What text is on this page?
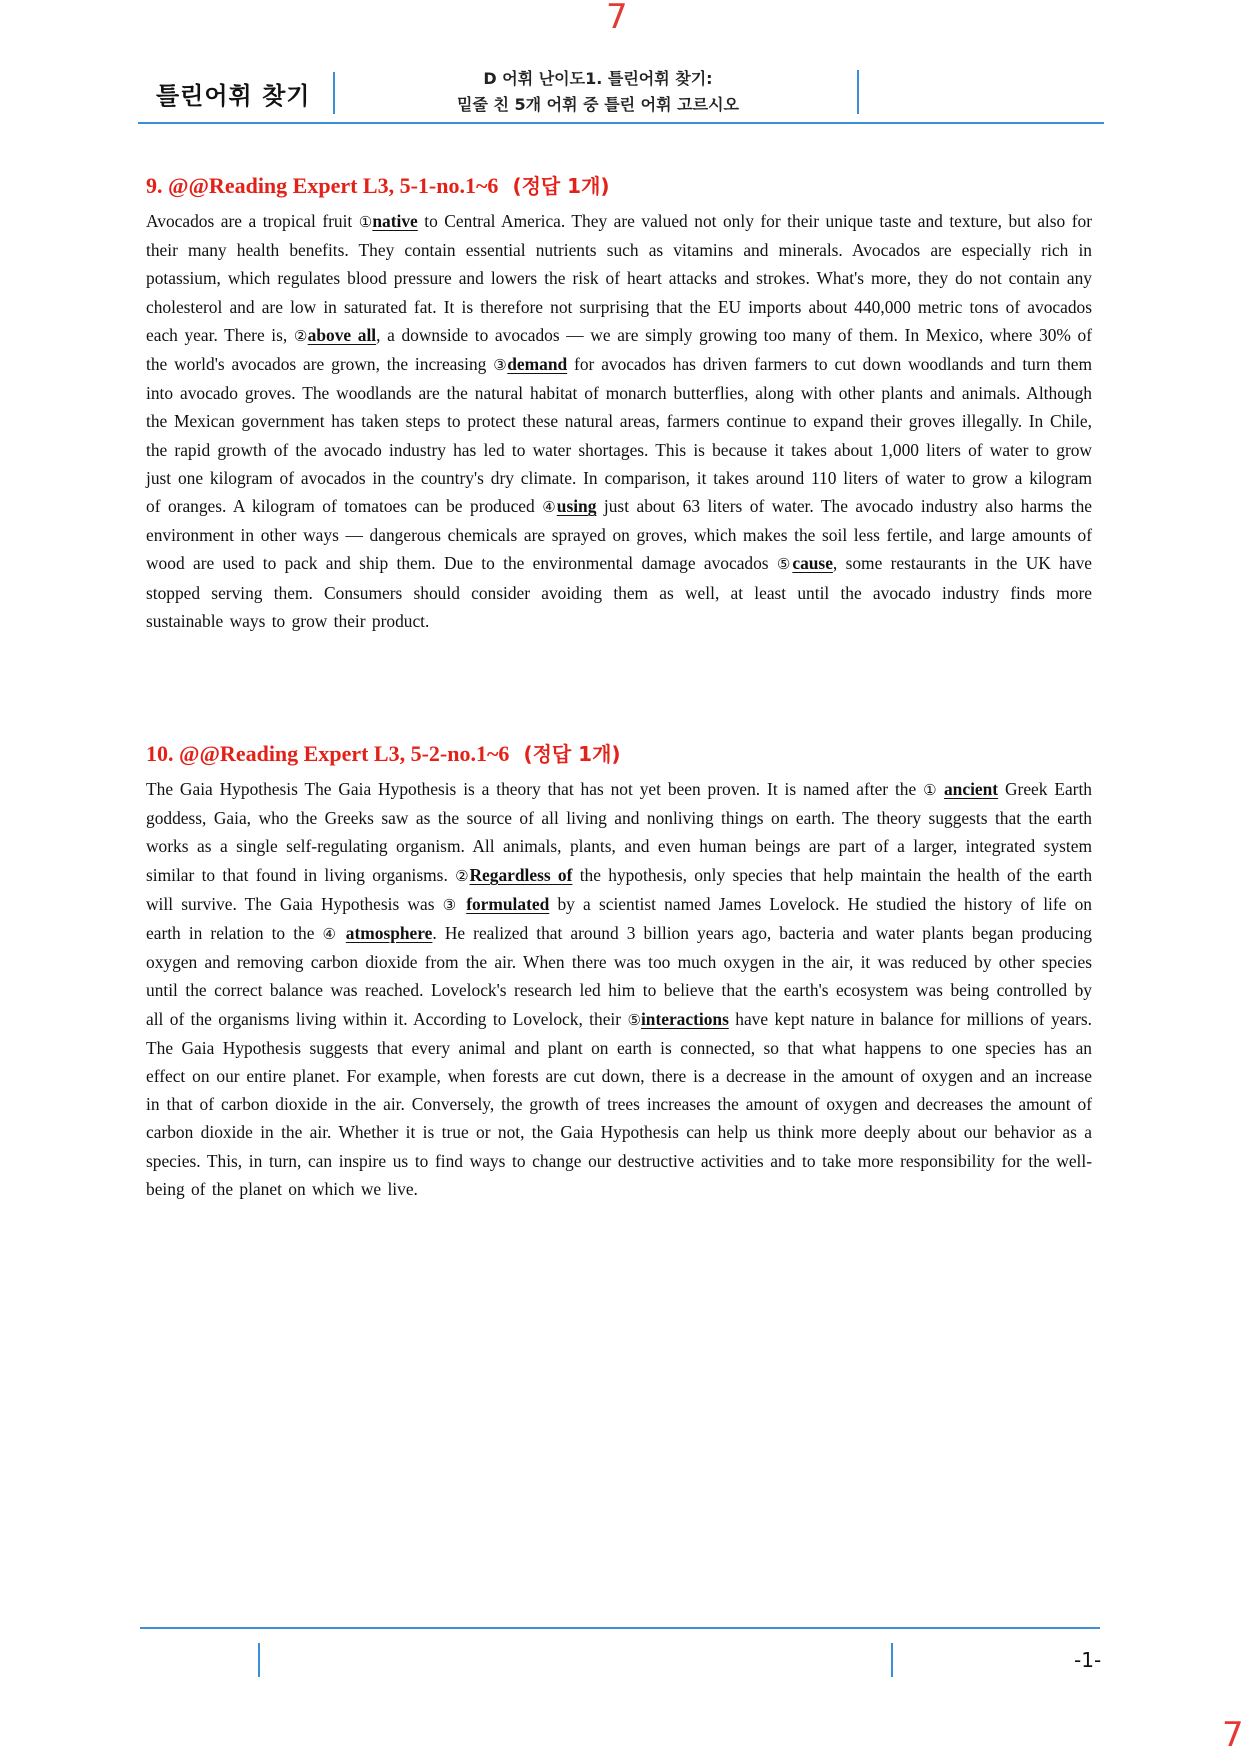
7
틀린어휘 찾기
D 어휘 난이도1. 틀린어휘 찾기:
밑줄 친 5개 어휘 중 틀린 어휘 고르시오
9. @@Reading Expert L3, 5-1-no.1~6 (정답 1개)

Avocados are a tropical fruit ①native to Central America. They are valued not only for their unique taste and texture, but also for their many health benefits. They contain essential nutrients such as vitamins and minerals. Avocados are especially rich in potassium, which regulates blood pressure and lowers the risk of heart attacks and strokes. What's more, they do not contain any cholesterol and are low in saturated fat. It is therefore not surprising that the EU imports about 440,000 metric tons of avocados each year. There is, ②above all, a downside to avocados — we are simply growing too many of them. In Mexico, where 30% of the world's avocados are grown, the increasing ③demand for avocados has driven farmers to cut down woodlands and turn them into avocado groves. The woodlands are the natural habitat of monarch butterflies, along with other plants and animals. Although the Mexican government has taken steps to protect these natural areas, farmers continue to expand their groves illegally. In Chile, the rapid growth of the avocado industry has led to water shortages. This is because it takes about 1,000 liters of water to grow just one kilogram of avocados in the country's dry climate. In comparison, it takes around 110 liters of water to grow a kilogram of oranges. A kilogram of tomatoes can be produced ④using just about 63 liters of water. The avocado industry also harms the environment in other ways — dangerous chemicals are sprayed on groves, which makes the soil less fertile, and large amounts of wood are used to pack and ship them. Due to the environmental damage avocados ⑤cause, some restaurants in the UK have stopped serving them. Consumers should consider avoiding them as well, at least until the avocado industry finds more sustainable ways to grow their product.

10. @@Reading Expert L3, 5-2-no.1~6 (정답 1개)

The Gaia Hypothesis The Gaia Hypothesis is a theory that has not yet been proven. It is named after the ① ancient Greek Earth goddess, Gaia, who the Greeks saw as the source of all living and nonliving things on earth. The theory suggests that the earth works as a single self-regulating organism. All animals, plants, and even human beings are part of a larger, integrated system similar to that found in living organisms. ②Regardless of the hypothesis, only species that help maintain the health of the earth will survive. The Gaia Hypothesis was ③ formulated by a scientist named James Lovelock. He studied the history of life on earth in relation to the ④ atmosphere. He realized that around 3 billion years ago, bacteria and water plants began producing oxygen and removing carbon dioxide from the air. When there was too much oxygen in the air, it was reduced by other species until the correct balance was reached. Lovelock's research led him to believe that the earth's ecosystem was being controlled by all of the organisms living within it. According to Lovelock, their ⑤interactions have kept nature in balance for millions of years. The Gaia Hypothesis suggests that every animal and plant on earth is connected, so that what happens to one species has an effect on our entire planet. For example, when forests are cut down, there is a decrease in the amount of oxygen and an increase in that of carbon dioxide in the air. Conversely, the growth of trees increases the amount of oxygen and decreases the amount of carbon dioxide in the air. Whether it is true or not, the Gaia Hypothesis can help us think more deeply about our behavior as a species. This, in turn, can inspire us to find ways to change our destructive activities and to take more responsibility for the well-being of the planet on which we live.

-1-
7
